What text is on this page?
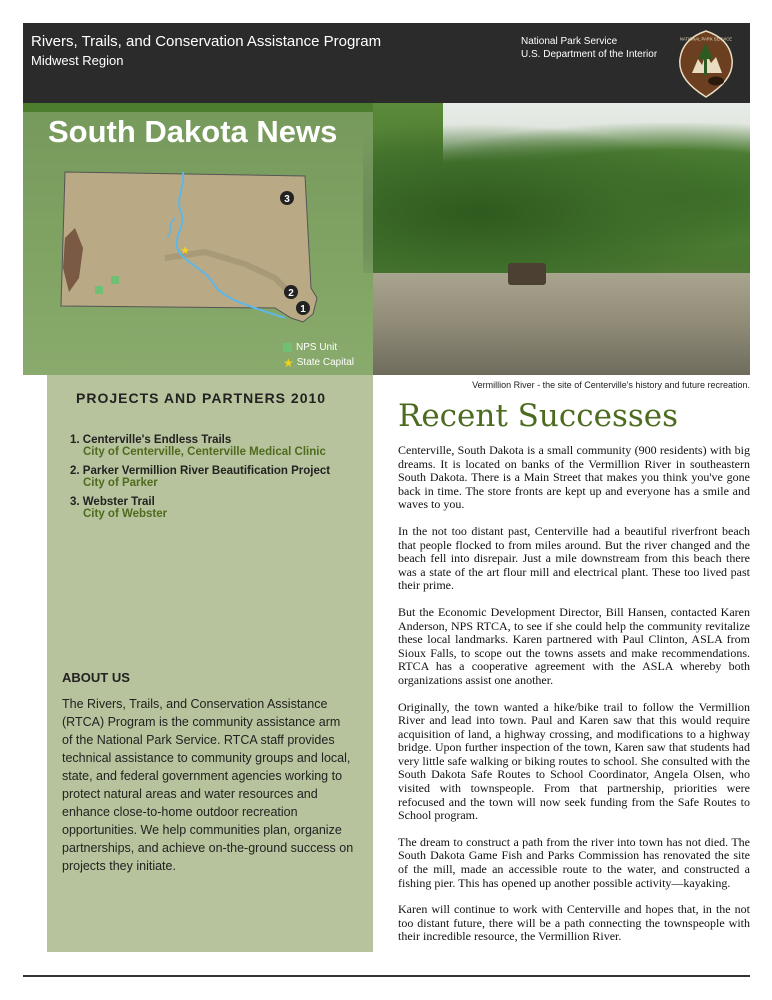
Rivers, Trails, and Conservation Assistance Program
Midwest Region
National Park Service
U.S. Department of the Interior
NATIONAL PARK SERVICE
South Dakota News
★
3
2
1
NPS Unit
★ State Capital
Vermillion River - the site of Centerville's history and future recreation.
PROJECTS AND PARTNERS 2010
1. Centerville's Endless Trails
City of Centerville, Centerville Medical Clinic
2. Parker Vermillion River Beautification Project
City of Parker
3. Webster Trail
City of Webster
ABOUT US
The Rivers, Trails, and Conservation Assistance (RTCA) Program is the community assistance arm of the National Park Service. RTCA staff provides technical assistance to community groups and local, state, and federal government agencies working to protect natural areas and water resources and enhance close-to-home outdoor recreation opportunities. We help communities plan, organize partnerships, and achieve on-the-ground success on projects they initiate.
Recent Successes

Centerville, South Dakota is a small community (900 residents) with big dreams. It is located on banks of the Vermillion River in southeastern South Dakota. There is a Main Street that makes you think you've gone back in time. The store fronts are kept up and everyone has a smile and waves to you.

In the not too distant past, Centerville had a beautiful riverfront beach that people flocked to from miles around. But the river changed and the beach fell into disrepair. Just a mile downstream from this beach there was a state of the art flour mill and electrical plant. These too lived past their prime.

But the Economic Development Director, Bill Hansen, contacted Karen Anderson, NPS RTCA, to see if she could help the community revitalize these local landmarks. Karen partnered with Paul Clinton, ASLA from Sioux Falls, to scope out the towns assets and make recommendations. RTCA has a cooperative agreement with the ASLA whereby both organizations assist one another.

Originally, the town wanted a hike/bike trail to follow the Vermillion River and lead into town. Paul and Karen saw that this would require acquisition of land, a highway crossing, and modifications to a highway bridge. Upon further inspection of the town, Karen saw that students had very little safe walking or biking routes to school. She consulted with the South Dakota Safe Routes to School Coordinator, Angela Olsen, who visited with townspeople. From that partnership, priorities were refocused and the town will now seek funding from the Safe Routes to School program.

The dream to construct a path from the river into town has not died. The South Dakota Game Fish and Parks Commission has renovated the site of the mill, made an accessible route to the water, and constructed a fishing pier. This has opened up another possible activity—kayaking.

Karen will continue to work with Centerville and hopes that, in the not too distant future, there will be a path connecting the townspeople with their incredible resource, the Vermillion River.
